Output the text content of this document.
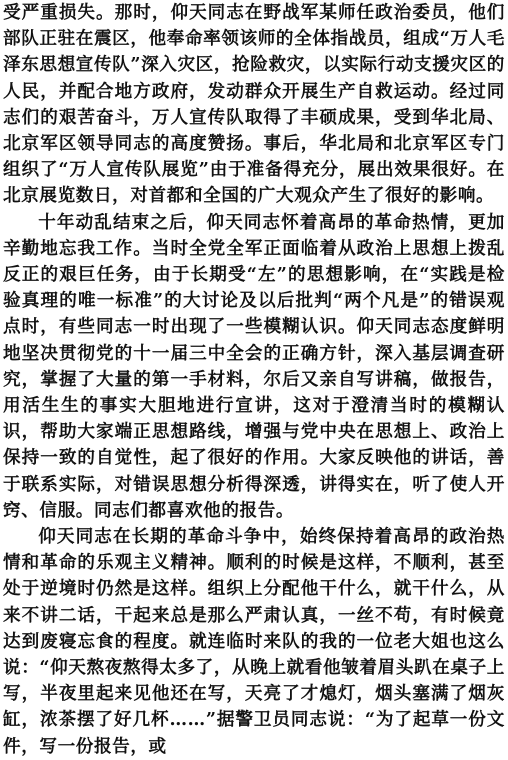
受严重损失。那时，仰天同志在野战军某师任政治委员，他们部队正驻在震区，他奉命率领该师的全体指战员，组成“万人毛泽东思想宣传队”深入灾区，抢险救灾，以实际行动支援灾区的人民，并配合地方政府，发动群众开展生产自救运动。经过同志们的艰苦奋斗，万人宣传队取得了丰硕成果，受到华北局、北京军区领导同志的高度赞扬。事后，华北局和北京军区专门组织了“万人宣传队展览”由于准备得充分，展出效果很好。在北京展览数日，对首都和全国的广大观众产生了很好的影响。

十年动乱结束之后，仰天同志怀着高昂的革命热情，更加辛勤地忘我工作。当时全党全军正面临着从政治上思想上拨乱反正的艰巨任务，由于长期受“左”的思想影响，在“实践是检验真理的唯一标准”的大讨论及以后批判“两个凡是”的错误观点时，有些同志一时出现了一些模糊认识。仰天同志态度鲜明地坚决贯彻党的十一届三中全会的正确方针，深入基层调查研究，掌握了大量的第一手材料，尔后又亲自写讲稿，做报告，用活生生的事实大胆地进行宣讲，这对于澄清当时的模糊认识，帮助大家端正思想路线，增强与党中央在思想上、政治上保持一致的自觉性，起了很好的作用。大家反映他的讲话，善于联系实际，对错误思想分析得深透，讲得实在，听了使人开窍、信服。同志们都喜欢他的报告。

仰天同志在长期的革命斗争中，始终保持着高昂的政治热情和革命的乐观主义精神。顺利的时候是这样，不顺利，甚至处于逆境时仍然是这样。组织上分配他干什么，就干什么，从来不讲二话，干起来总是那么严肃认真，一丝不苟，有时候竟达到废寝忘食的程度。就连临时来队的我的一位老大姐也这么说：“仰天熬夜熬得太多了，从晚上就看他皱着眉头趴在桌子上写，半夜里起来见他还在写，天亮了才熄灯，烟头塞满了烟灰缸，浓茶摆了好几杯……”据警卫员同志说：“为了起草一份文件，写一份报告，或
